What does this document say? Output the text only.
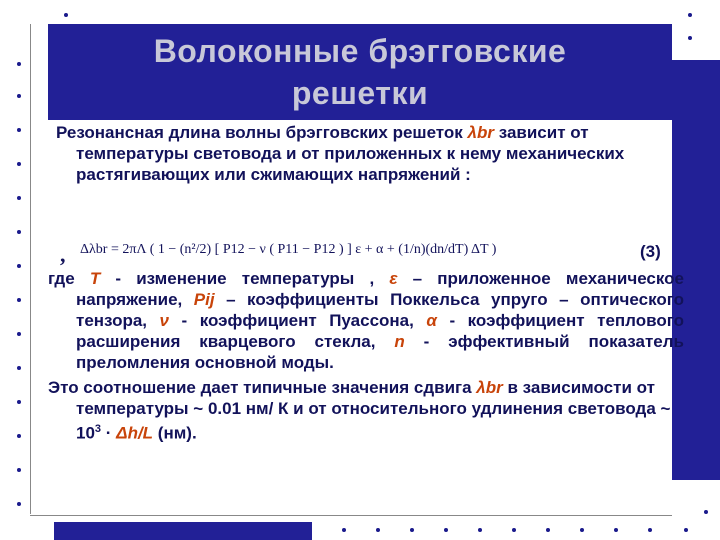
Волоконные брэгговские
решетки

Резонансная длина волны брэгговских решеток λbr зависит от температуры световода и от приложенных к нему механических растягивающих или сжимающих напряжений :

, Δλbr = 2πΛ ( 1 − (n²/2) [ P12 − ν ( P11 − P12 ) ] ε + α + (1/n)(dn/dT) ΔT )	(3)

где T - изменение температуры , ε – приложенное механическое напряжение, Pij – коэффициенты Поккельса упруго – оптического тензора, ν - коэффициент Пуассона, α - коэффициент теплового расширения кварцевого стекла, n - эффективный показатель преломления основной моды.

Это соотношение дает типичные значения сдвига λbr в зависимости от температуры ~ 0.01 нм/ К и от относительного удлинения световода ~ $10^3 \cdot \Delta h/L$ (нм).
